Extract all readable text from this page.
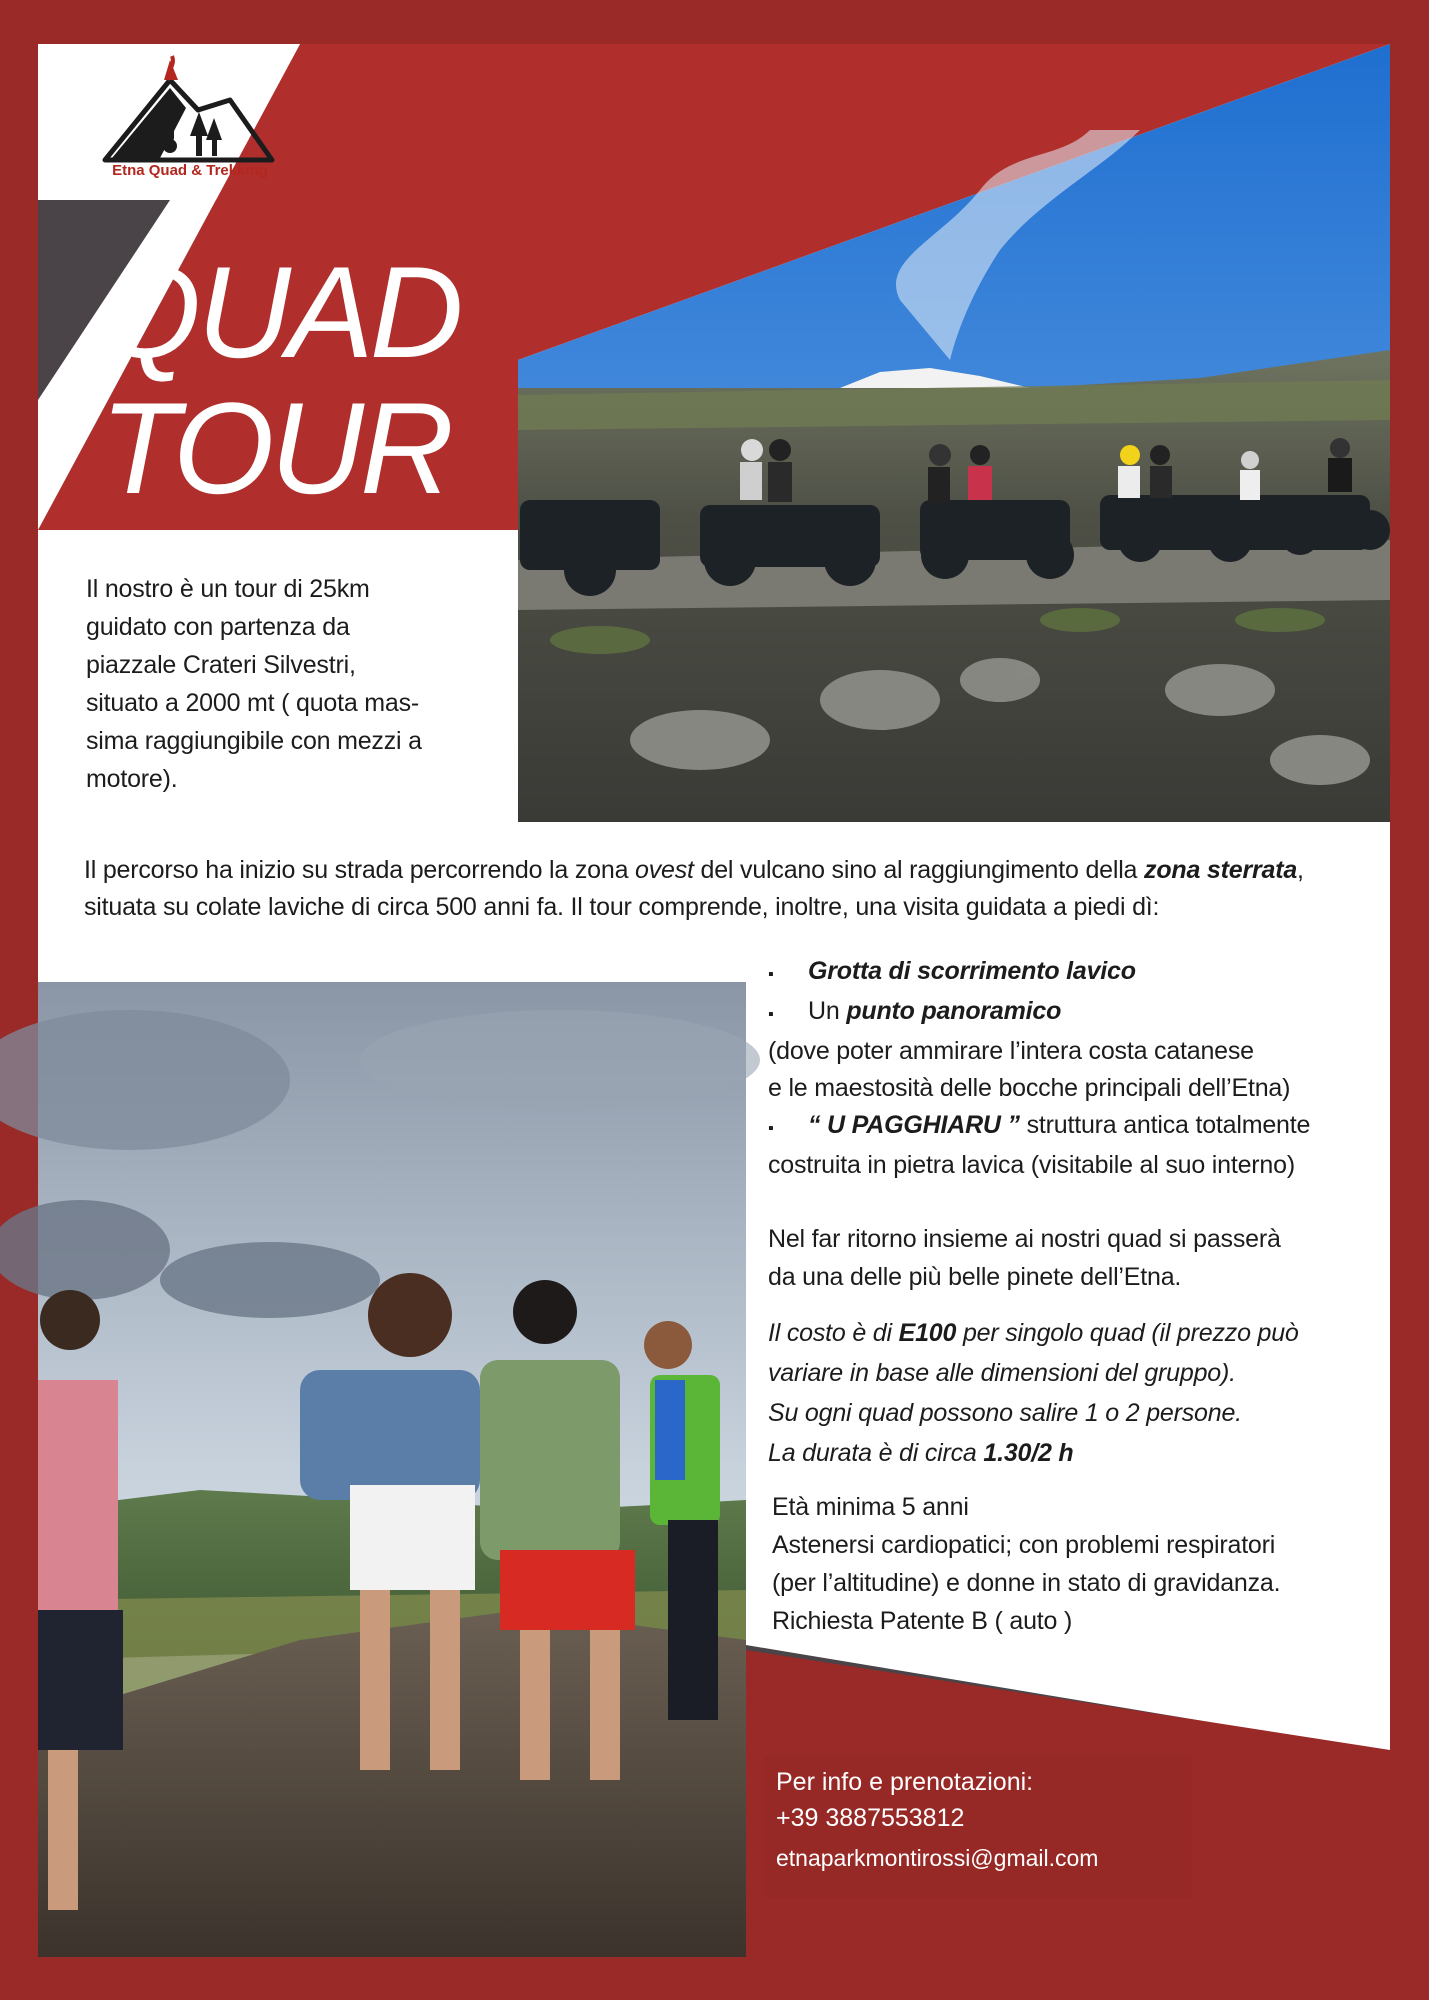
Etna Quad & Trekking
QUAD
TOUR
Il nostro è un tour di 25km
guidato con partenza da
piazzale Crateri Silvestri,
situato a 2000 mt ( quota mas-
sima raggiungibile con mezzi a
motore).
Il percorso ha inizio su strada percorrendo la zona ovest del vulcano sino al raggiungimento della zona sterrata, situata su colate laviche di circa 500 anni fa. Il tour comprende, inoltre, una visita guidata a piedi dì:
▪	Grotta di scorrimento lavico
▪	Un punto panoramico
(dove poter ammirare l’intera costa catanese
e le maestosità delle bocche principali dell’Etna)
▪	“ U PAGGHIARU ” struttura antica totalmente
costruita in pietra lavica (visitabile al suo interno)
Nel far ritorno insieme ai nostri quad si passerà
da una delle più belle pinete dell’Etna.
Il costo è di E100 per singolo quad (il prezzo può
variare in base alle dimensioni del gruppo).
Su ogni quad possono salire 1 o 2 persone.
La durata è di circa 1.30/2 h
Età minima 5 anni
Astenersi cardiopatici; con problemi respiratori
(per l’altitudine) e donne in stato di gravidanza.
Richiesta Patente B ( auto )
Per info e prenotazioni:
+39 3887553812
etnaparkmontirossi@gmail.com
